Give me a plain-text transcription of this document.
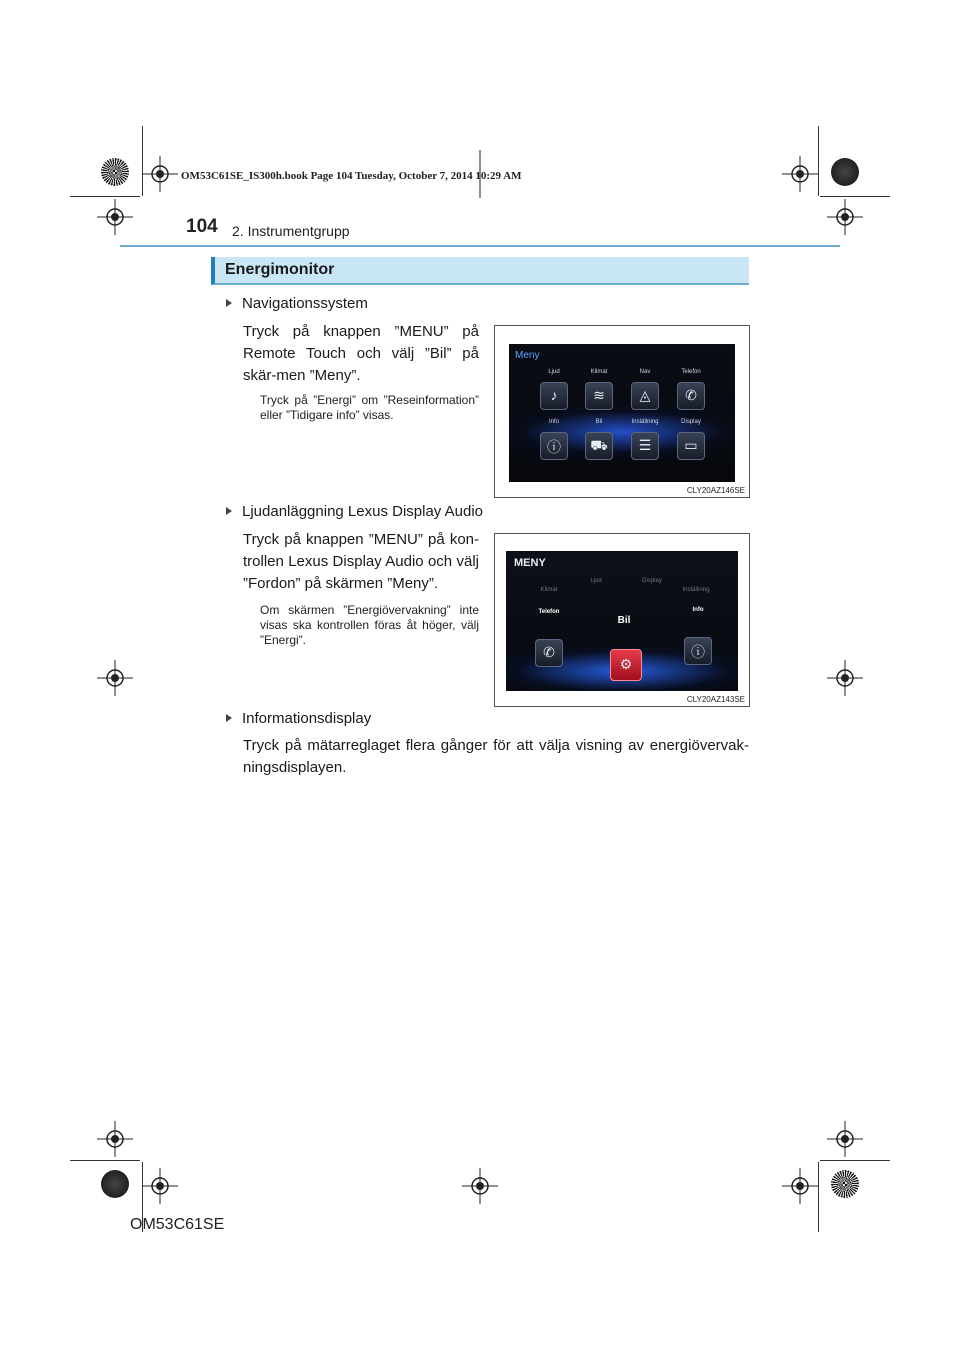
OM53C61SE_IS300h.book Page 104 Tuesday, October 7, 2014 10:29 AM
104 2. Instrumentgrupp
Energimonitor
Navigationssystem
Tryck på knappen ”MENU” på Remote Touch och välj ”Bil” på skär-men ”Meny”.
Tryck på ”Energi” om ”Reseinformation” eller ”Tidigare info” visas.
Meny
Ljud	Klimat	Nav	Telefon
♪	≋	◬	✆
Info	Bil	Inställning	Display
ⓘ	⛟	☰	▭
CLY20AZ146SE
Ljudanläggning Lexus Display Audio
Tryck på knappen ”MENU” på kon-trollen Lexus Display Audio och välj ”Fordon” på skärmen ”Meny”.
Om skärmen ”Energiövervakning” inte visas ska kontrollen föras åt höger, välj ”Energi”.
MENY
Klimat
Ljud	Display
Inställning
Telefon	Info
Bil
✆
⚙
ⓘ
CLY20AZ143SE
Informationsdisplay
Tryck på mätarreglaget flera gånger för att välja visning av energiövervak-ningsdisplayen.
OM53C61SE
